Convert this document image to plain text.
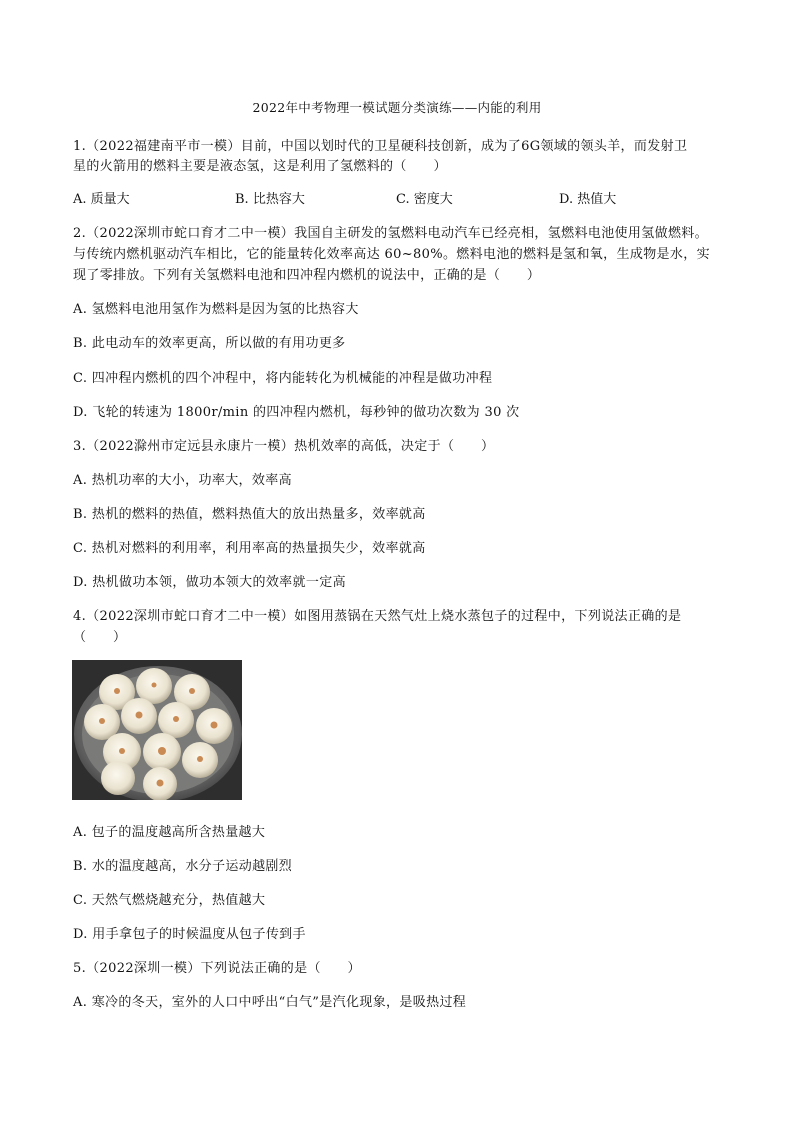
2022年中考物理一模试题分类演练——内能的利用
1.（2022福建南平市一模）目前，中国以划时代的卫星硬科技创新，成为了6G领域的领头羊，而发射卫
星的火箭用的燃料主要是液态氢，这是利用了氢燃料的（　　）
A. 质量大	B. 比热容大	C. 密度大	D. 热值大
2.（2022深圳市蛇口育才二中一模）我国自主研发的氢燃料电动汽车已经亮相，氢燃料电池使用氢做燃料。
与传统内燃机驱动汽车相比，它的能量转化效率高达 60~80%。燃料电池的燃料是氢和氧，生成物是水，实
现了零排放。下列有关氢燃料电池和四冲程内燃机的说法中，正确的是（　　）
A. 氢燃料电池用氢作为燃料是因为氢的比热容大
B. 此电动车的效率更高，所以做的有用功更多
C. 四冲程内燃机的四个冲程中，将内能转化为机械能的冲程是做功冲程
D. 飞轮的转速为 1800r/min 的四冲程内燃机，每秒钟的做功次数为 30 次
3.（2022滁州市定远县永康片一模）热机效率的高低，决定于（　　）
A. 热机功率的大小，功率大，效率高
B. 热机的燃料的热值，燃料热值大的放出热量多，效率就高
C. 热机对燃料的利用率，利用率高的热量损失少，效率就高
D. 热机做功本领，做功本领大的效率就一定高
4.（2022深圳市蛇口育才二中一模）如图用蒸锅在天然气灶上烧水蒸包子的过程中，下列说法正确的是
（　　）
A. 包子的温度越高所含热量越大
B. 水的温度越高，水分子运动越剧烈
C. 天然气燃烧越充分，热值越大
D. 用手拿包子的时候温度从包子传到手
5.（2022深圳一模）下列说法正确的是（　　）
A. 寒冷的冬天，室外的人口中呼出“白气”是汽化现象，是吸热过程
